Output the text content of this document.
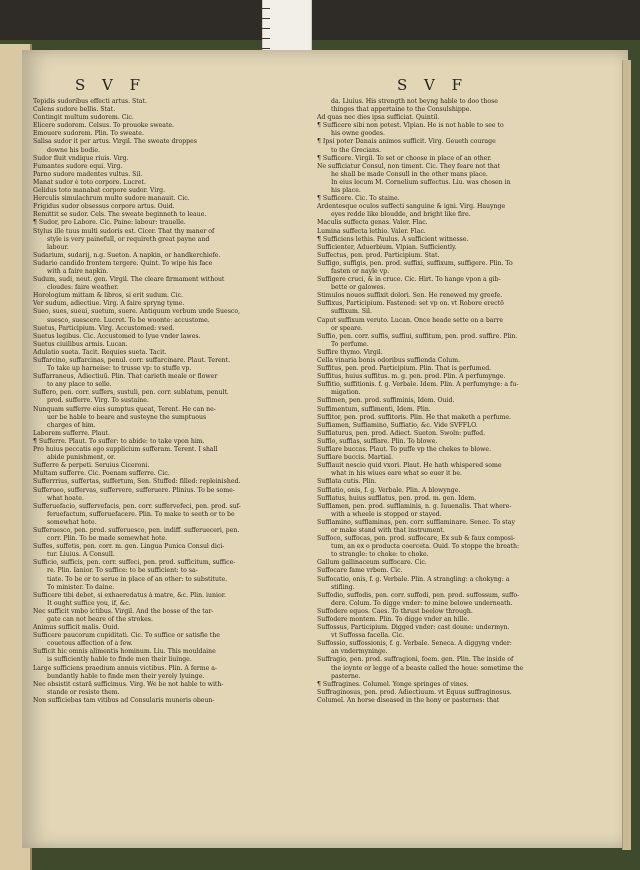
S V F	S V F
Tepidis sudoribus effecti artus. Stat.
Calens sudore bellis. Stat.
Contingit multum sudorem. Cic.
Elicere sudorem. Celsus. To prouoke sweate.
Emouere sudorem. Plin. To sweate.
Salisa sudor it per artus. Virgil. The sweate droppes
downe his bodie.
Sudor fluit vndique riuis. Virg.
Fumantes sudore equi. Virg.
Parno sudore madentes vultus. Sil.
Manat sudor è toto corpore. Lucret.
Gelidus toto manabat corpore sudor. Virg.
Herculis simulachrum multo sudore manauit. Cic.
Frigidus sudor obsessus corpore artus. Ouid.
Remittit se sudor. Cels. The sweate beginneth to leaue.
¶ Sudor, pro Labore. Cic. Paine: labour: trauelle.
Stylus ille tuus multi sudoris est. Cicer. That thy maner of
style is very painefull, or requireth great payne and
labour.
Sudarium, sudarij, n.g. Sueton. A napkin, or handkerchiefe.
Sudario candido frontem tergere. Quint. To wipe his face
with a faire napkin.
Sudum, sudi, neut. gen. Virgil. The cleare firmament without
cloudes: faire weather.
Horologium mittam & libros, si erit sudum. Cic.
Ver sudum, adiectiue. Virg. A faire spryng tyme.
Sueo, sues, sueui, suetum, suere. Antiquum verbum unde Suesco,
suesco, suescere. Lucret. To be woonte: accustome.
Suetus, Participium. Virg. Accustomed: vsed.
Suetus legibus. Cic. Accustomed to lyue vnder lawes.
Suetus ciuilibus armis. Lucan.
Adulatio sueta. Tacit. Requies sueta. Tacit.
Suffarcino, suffarcinas, penul. corr. suffarcinare. Plaut. Terent.
To take up harneise: to trusse vp: to stuffe vp.
Suffarraneus, Adiectiuū. Plin. That carieth meale or flower
to any place to selle.
Suffero, pen. corr. suffers, sustuli, pen. corr. sublatum, penult.
prod. sufferre. Virg. To sustaine.
Nunquam sufferre eius sumptus queat, Terent. He can ne-
uer be hable to beare and susteyne the sumptuous
charges of him.
Laborem sufferre. Plaut.
¶ Sufferre. Plaut. To suffer: to abide: to take vpon him.
Pro huius peccatis ego supplicium sufferam. Terent. I shall
abide punishment, or.
Sufferre & perpeti. Seruius Ciceroni.
Multam sufferre. Cic. Poenam sufferre. Cic.
Sufferrrius, suffertas, suffertum, Sen. Stuffed: filled: repleinished.
Sufferueo, suffervas, suffervere, sufferuere. Plinius. To be some-
what hoate.
Sufferuefacio, suffervefacis, pen. corr. suffervefeci, pen. prod. suf-
feruefactum, sufferuefacere. Plin. To make to seeth or to be
somewhat hote.
Sufferuesco, pen. prod. sufferuesco, pen. indiff. sufferueceri, pen.
corr. Plin. To be made somewhat hote.
Suffes, suffetis, pen. corr. m. gen. Lingua Punica Consul dici-
tur. Liuius. A Consull.
Sufficio, sufficis, pen. corr. suffeci, pen. prod. sufficitum, suffice-
re. Plin. Ianior. To suffice: to be sufficient: to sa-
tiate. To be or to serue in place of an other: to substitute.
To minister. To daine.
Sufficere tibi debet, si exhaeredatus à matre, &c. Plin. iunior.
It ought suffice you, if, &c.
Nec sufficit vmbo ictibus. Virgil. And the bosse of the tar-
gate can not beare of the strokes.
Animus sufficit malis. Ouid.
Sufficere paucorum cupiditati. Cic. To suffice or satisfie the
couetous affection of a few.
Sufficit hic omnis alimentis hominum. Liu. This mouldaine
is sufficiently hable to finde men their liuinge.
Large sufficiens praedium annuis victibus. Plin. A ferme a-
bundantly hable to finde men their yerely lyuinge.
Nec obsistit cstarā sufficimus. Virg. We be not hable to with-
stande or resiste them.
Non sufficiebas tam vitibus ad Consularis muneris obeun-
da. Liuius. His strength not beyng hable to doo those
thinges that appertaine to the Consulshippe.
Ad quas nec dies ipsa sufficiat. Quintil.
¶ Sufficere sibi non potest. Vlpian. He is not hable to see to
his owne goodes.
¶ Ipsi poter Danais animos sufficit. Virg. Geueth courage
to the Grecians.
¶ Sufficere. Virgil. To set or choose in place of an other.
Ne sufficiatur Consul, non timent. Cic. They feare not that
he shall be made Consull in the other mans place.
In eius locum M. Cornelium suffectus. Liu. was chosen in
his place.
¶ Sufficere. Cic. To staine.
Ardentesque oculos suffecti sanguine & igni. Virg. Hauynge
eyes redde like bloudde, and bright like fire.
Maculis suffecta genas. Valer. Flac.
Lumina suffecta lethio. Valer. Flac.
¶ Sufficiens lethis. Paulus. A sufficient witnesse.
Sufficienter, Aduerbium. Vlpian. Sufficiently.
Suffectus, pen. prod. Participium. Stat.
Suffigo, suffigis, pen. prod. suffixi, suffixum, suffigere. Plin. To
fasten or nayle vp.
Suffigere cruci, & in cruce. Cic. Hirt. To hange vpon a gib-
bette or galowes.
Stimulos nouos suffixit dolori. Sen. He renewed my greefe.
Suffixus, Participium. Fastened: set vp on. vt Robore erectō
suffixum. Sil.
Caput suffixum veruto. Lucan. Once heade sette on a barre
or speare.
Suffio, pen. corr. suffis, suffiui, suffitum, pen. prod. suffire. Plin.
To perfume.
Suffire thymo. Virgil.
Cella vinaria bonis odoribus suffienda Colum.
Suffitus, pen. prod. Participium. Plin. That is perfumed.
Suffitus, huius suffitus. m. g. pen. prod. Plin. A perfumynge.
Suffitio, suffitionis. f. g. Verbale. Idem. Plin. A perfumynge: a fu-
migation.
Suffimen, pen. prod. suffiminis, Idem. Ouid.
Suffimentum, suffimenti, Idem. Plin.
Suffitor, pen. prod. suffitoris. Plin. He that maketh a perfume.
Suffiamen, Suffiamino, Suffiatio, &c. Vide SVFFLO.
Sufflaturus, pen. prod. Adiect. Sueton. Swoln: puffed.
Sufflo, sufflas, sufflare. Plin. To blowe.
Sufflare buccas. Plaut. To puffe vp the chekes to blowe.
Sufflare buccis. Martial.
Sufflauit nescio quid vxori. Plaut. He hath whispered some
what in his wiues eare what so euer it be.
Sufflata cutis. Plin.
Sufflatio, onis, f. g. Verbale. Plin. A blowynge.
Sufflatus, huius sufflatus, pen. prod. m. gen. Idem.
Sufflamen, pen. prod. sufflaminis, n. g. Iuuenalis. That where-
with a wheele is stopped or stayed.
Sufflamino, sufflaminas, pen. corr. sufflaminare. Senec. To stay
or make stand with that instrument.
Suffoco, suffocas, pen. prod. suffocare, Ex sub & faux composi-
tum, an ex o producta coerceta. Ouid. To stoppe the breath:
to strangle: to choke: to choke.
Gallum gallinaceum suffocare. Cic.
Suffocare fame vrbem. Cic.
Suffocatio, onis, f. g. Verbale. Plin. A strangling: a chokyng: a
stifling.
Suffodio, suffodis, pen. corr. suffodi, pen. prod. suffossum, suffo-
dere. Colum. To digge vnder: to mine belowe underneath.
Suffodere equos. Caes. To thrust beelow through.
Suffodere montem. Plin. To digge vnder an hille.
Suffossus, Participium. Digged vnder: cast doune: undermyn.
vt Suffossa facella. Cic.
Suffossio, suffossionis, f. g. Verbale. Seneca. A diggyng vnder:
an vndermyninge.
Suffragio, pen. prod. suffragioni, foem. gen. Plin. The inside of
the ioynte or legge of a beaste called the houe: sometime the
pasterne.
¶ Suffragines. Columel. Yonge springes of vines.
Suffraginosus, pen. prod. Adiectiuum. vt Equus suffraginosus.
Columel. An horse diseased in the hony or pasternes: that
